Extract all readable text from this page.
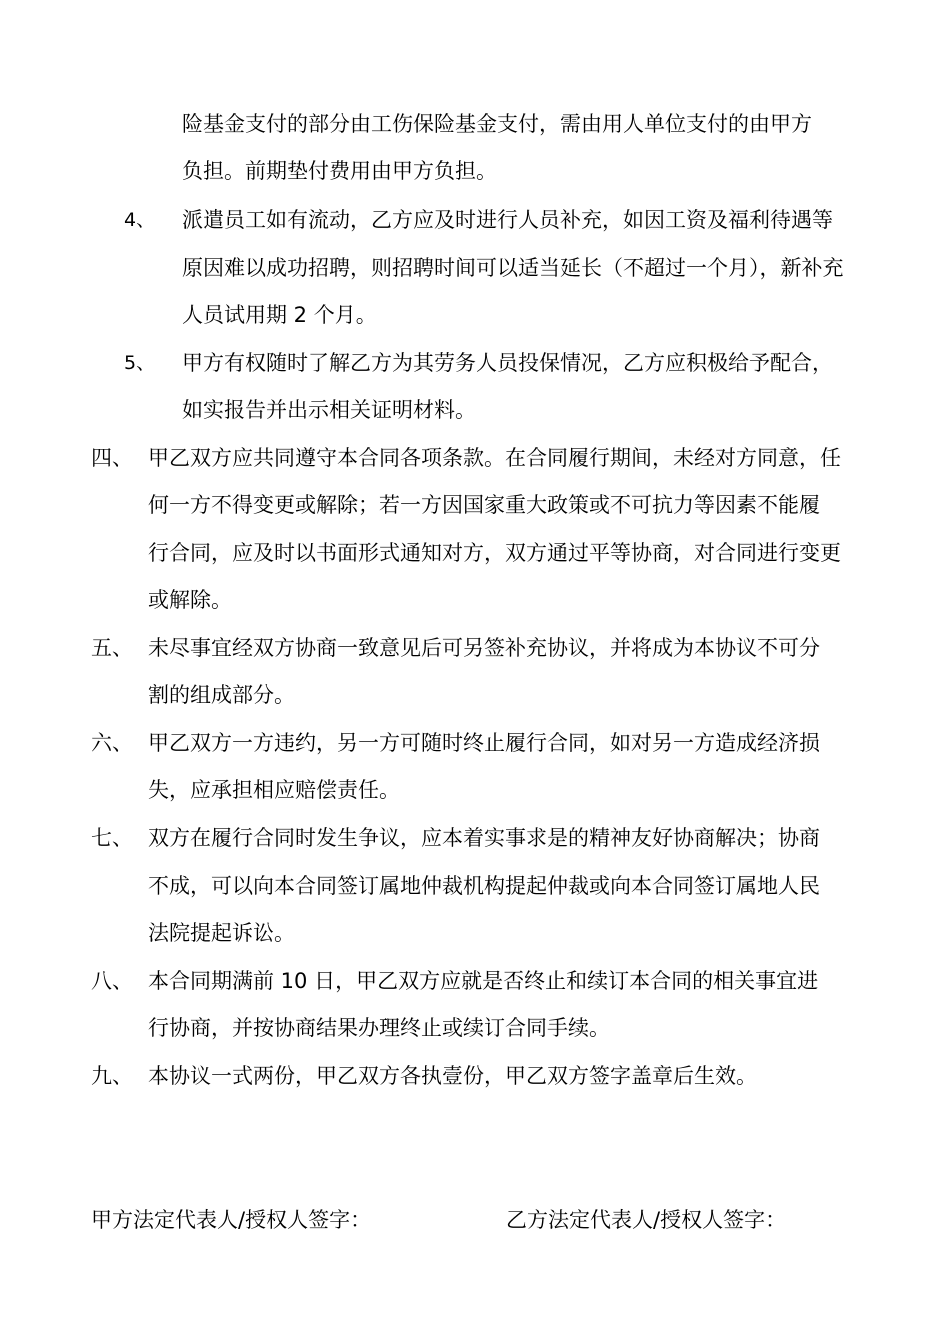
险基金支付的部分由工伤保险基金支付，需由用人单位支付的由甲方
负担。前期垫付费用由甲方负担。
4、 派遣员工如有流动，乙方应及时进行人员补充，如因工资及福利待遇等
原因难以成功招聘，则招聘时间可以适当延长（不超过一个月），新补充
人员试用期 2 个月。
5、 甲方有权随时了解乙方为其劳务人员投保情况，乙方应积极给予配合，
如实报告并出示相关证明材料。
四、 甲乙双方应共同遵守本合同各项条款。在合同履行期间，未经对方同意，任
何一方不得变更或解除；若一方因国家重大政策或不可抗力等因素不能履
行合同，应及时以书面形式通知对方，双方通过平等协商，对合同进行变更
或解除。
五、 未尽事宜经双方协商一致意见后可另签补充协议，并将成为本协议不可分
割的组成部分。
六、 甲乙双方一方违约，另一方可随时终止履行合同，如对另一方造成经济损
失，应承担相应赔偿责任。
七、 双方在履行合同时发生争议，应本着实事求是的精神友好协商解决；协商
不成，可以向本合同签订属地仲裁机构提起仲裁或向本合同签订属地人民
法院提起诉讼。
八、 本合同期满前 10 日，甲乙双方应就是否终止和续订本合同的相关事宜进
行协商，并按协商结果办理终止或续订合同手续。
九、 本协议一式两份，甲乙双方各执壹份，甲乙双方签字盖章后生效。
甲方法定代表人/授权人签字：	乙方法定代表人/授权人签字：
